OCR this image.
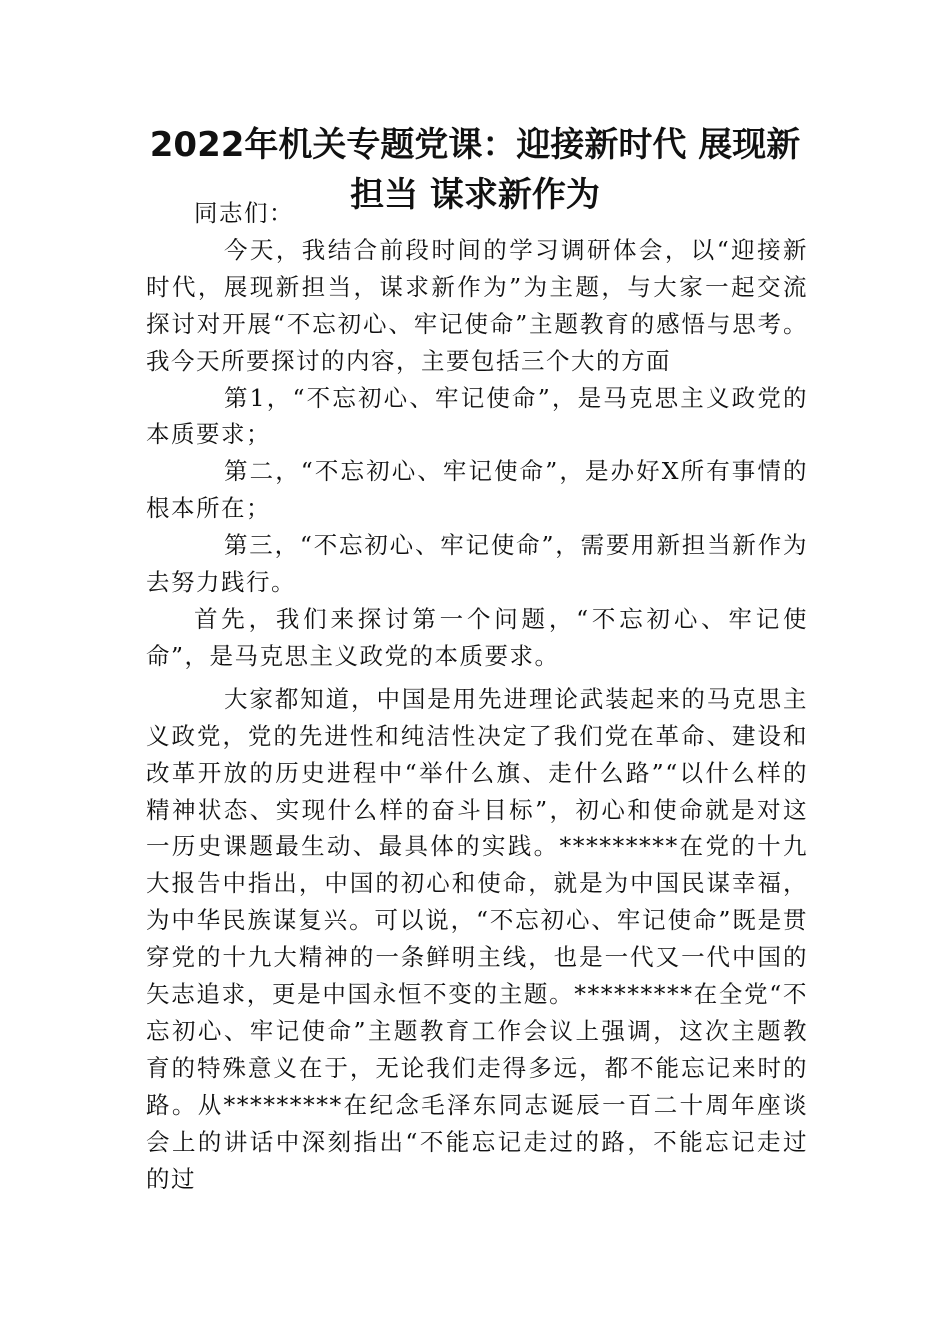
2022年机关专题党课：迎接新时代 展现新担当 谋求新作为

同志们：

今天，我结合前段时间的学习调研体会，以“迎接新时代，展现新担当，谋求新作为”为主题，与大家一起交流探讨对开展“不忘初心、牢记使命”主题教育的感悟与思考。我今天所要探讨的内容，主要包括三个大的方面

第1，“不忘初心、牢记使命”，是马克思主义政党的本质要求；

第二，“不忘初心、牢记使命”，是办好X所有事情的根本所在；

第三，“不忘初心、牢记使命”，需要用新担当新作为去努力践行。

首先，我们来探讨第一个问题，“不忘初心、牢记使命”，是马克思主义政党的本质要求。

大家都知道，中国是用先进理论武装起来的马克思主义政党，党的先进性和纯洁性决定了我们党在革命、建设和改革开放的历史进程中“举什么旗、走什么路”“以什么样的精神状态、实现什么样的奋斗目标”，初心和使命就是对这一历史课题最生动、最具体的实践。*********在党的十九大报告中指出，中国的初心和使命，就是为中国民谋幸福，为中华民族谋复兴。可以说，“不忘初心、牢记使命”既是贯穿党的十九大精神的一条鲜明主线，也是一代又一代中国的矢志追求，更是中国永恒不变的主题。*********在全党“不忘初心、牢记使命”主题教育工作会议上强调，这次主题教育的特殊意义在于，无论我们走得多远，都不能忘记来时的路。从*********在纪念毛泽东同志诞辰一百二十周年座谈会上的讲话中深刻指出“不能忘记走过的路，不能忘记走过的过
